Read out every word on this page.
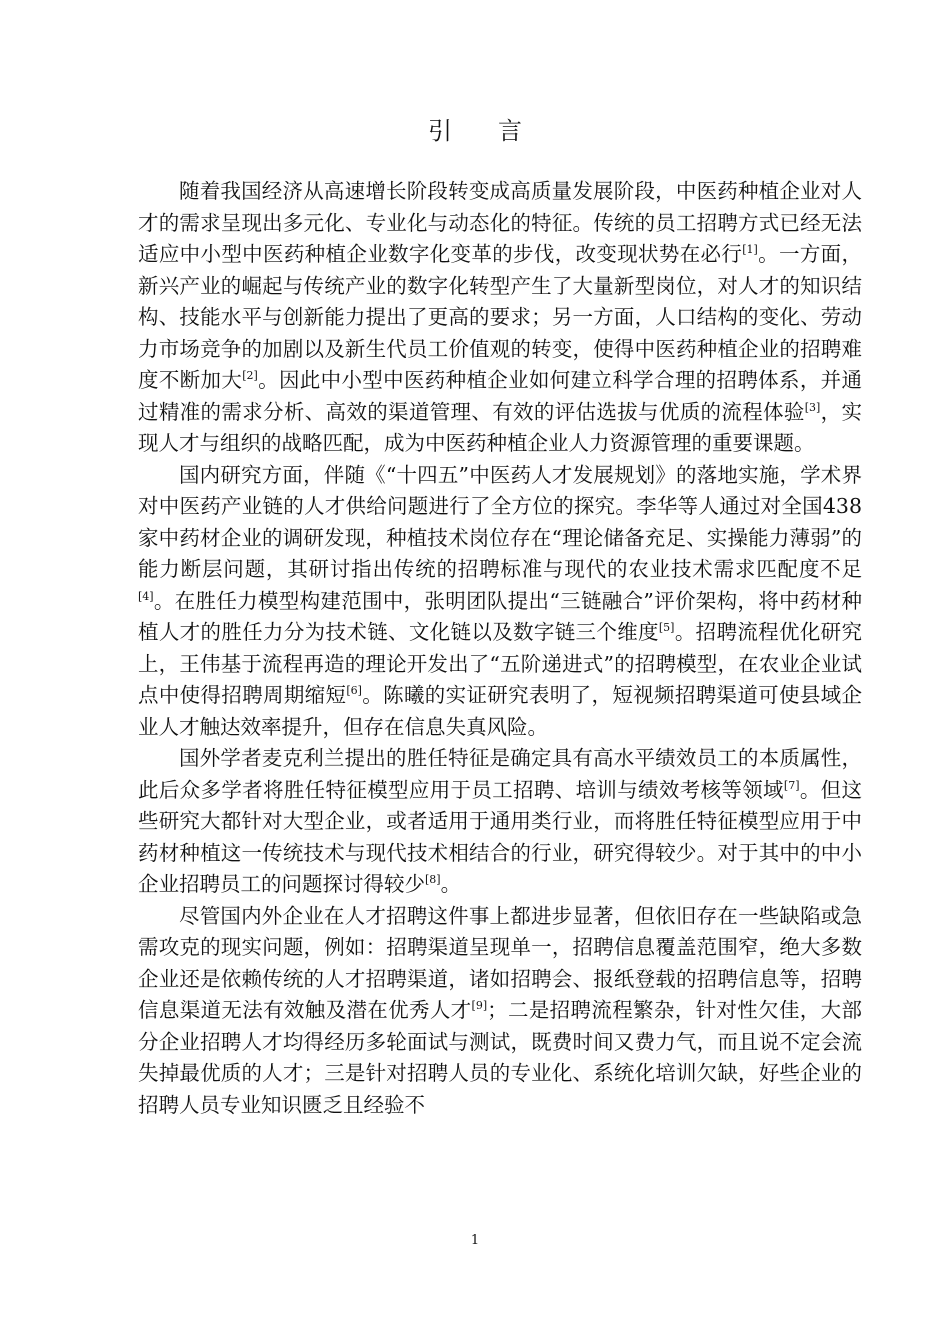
引言

随着我国经济从高速增长阶段转变成高质量发展阶段，中医药种植企业对人才的需求呈现出多元化、专业化与动态化的特征。传统的员工招聘方式已经无法适应中小型中医药种植企业数字化变革的步伐，改变现状势在必行[1]。一方面，新兴产业的崛起与传统产业的数字化转型产生了大量新型岗位，对人才的知识结构、技能水平与创新能力提出了更高的要求；另一方面，人口结构的变化、劳动力市场竞争的加剧以及新生代员工价值观的转变，使得中医药种植企业的招聘难度不断加大[2]。因此中小型中医药种植企业如何建立科学合理的招聘体系，并通过精准的需求分析、高效的渠道管理、有效的评估选拔与优质的流程体验[3]，实现人才与组织的战略匹配，成为中医药种植企业人力资源管理的重要课题。

国内研究方面，伴随《“十四五”中医药人才发展规划》的落地实施，学术界对中医药产业链的人才供给问题进行了全方位的探究。李华等人通过对全国438家中药材企业的调研发现，种植技术岗位存在“理论储备充足、实操能力薄弱”的能力断层问题，其研讨指出传统的招聘标准与现代的农业技术需求匹配度不足[4]。在胜任力模型构建范围中，张明团队提出“三链融合”评价架构，将中药材种植人才的胜任力分为技术链、文化链以及数字链三个维度[5]。招聘流程优化研究上，王伟基于流程再造的理论开发出了“五阶递进式”的招聘模型，在农业企业试点中使得招聘周期缩短[6]。陈曦的实证研究表明了，短视频招聘渠道可使县域企业人才触达效率提升，但存在信息失真风险。

国外学者麦克利兰提出的胜任特征是确定具有高水平绩效员工的本质属性，此后众多学者将胜任特征模型应用于员工招聘、培训与绩效考核等领域[7]。但这些研究大都针对大型企业，或者适用于通用类行业，而将胜任特征模型应用于中药材种植这一传统技术与现代技术相结合的行业，研究得较少。对于其中的中小企业招聘员工的问题探讨得较少[8]。

尽管国内外企业在人才招聘这件事上都进步显著，但依旧存在一些缺陷或急需攻克的现实问题，例如：招聘渠道呈现单一，招聘信息覆盖范围窄，绝大多数企业还是依赖传统的人才招聘渠道，诸如招聘会、报纸登载的招聘信息等，招聘信息渠道无法有效触及潜在优秀人才[9]；二是招聘流程繁杂，针对性欠佳，大部分企业招聘人才均得经历多轮面试与测试，既费时间又费力气，而且说不定会流失掉最优质的人才；三是针对招聘人员的专业化、系统化培训欠缺，好些企业的招聘人员专业知识匮乏且经验不

1
